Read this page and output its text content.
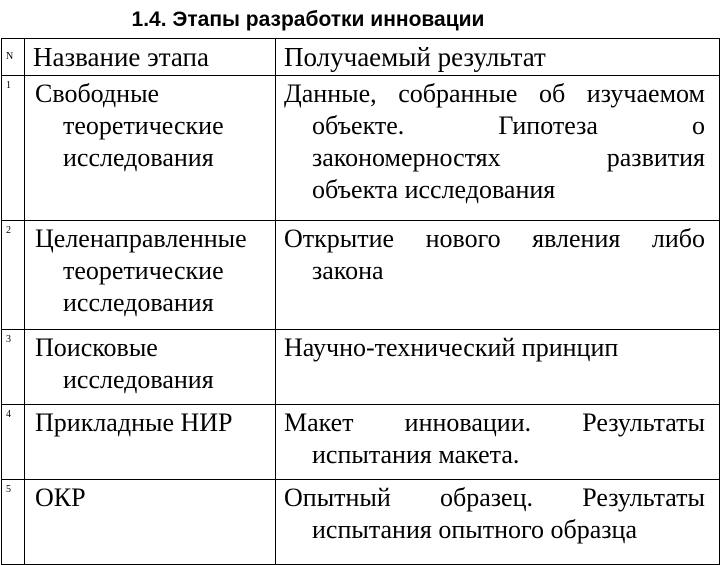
1.4. Этапы разработки инновации
N	Название этапа	Получаемый результат
1	Свободные
теоретические
исследования	Данные, собранные об изучаемом
объекте. Гипотеза о
закономерностях развития
объекта исследования

2	Целенаправленные
теоретические
исследования	Открытие нового явления либо
закона

3	Поисковые
исследования	Научно-технический принцип

4	Прикладные НИР	Макет инновации. Результаты
испытания макета.

5	ОКР	Опытный образец. Результаты
испытания опытного образца
